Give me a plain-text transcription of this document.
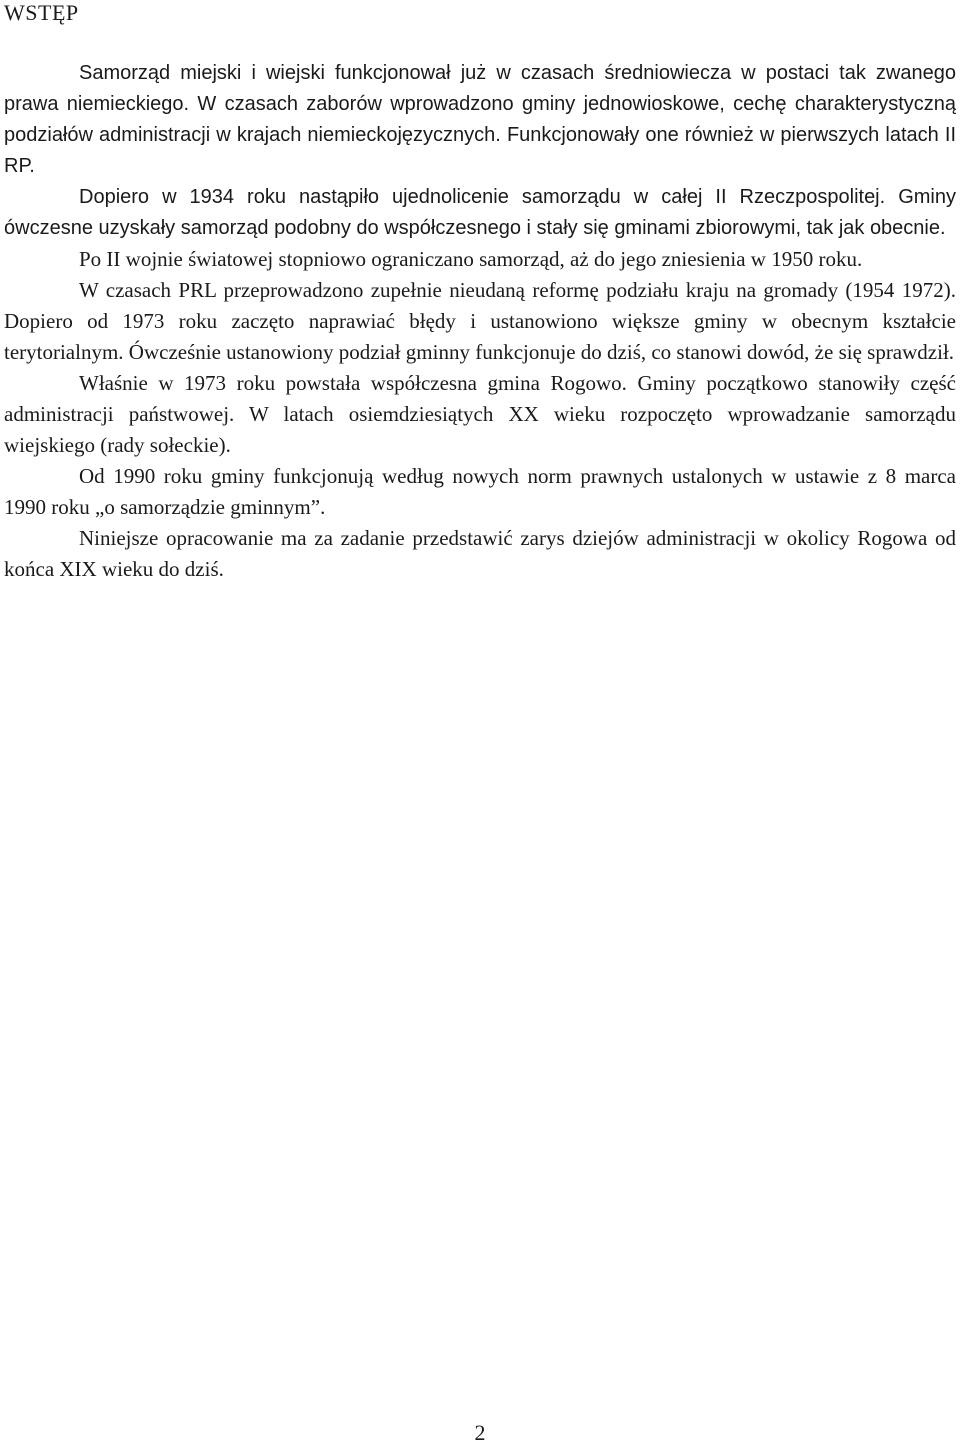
WSTĘP

Samorząd miejski i wiejski funkcjonował już w czasach średniowiecza w postaci tak zwanego prawa niemieckiego. W czasach zaborów wprowadzono gminy jednowioskowe, cechę charakterystyczną podziałów administracji w krajach niemieckojęzycznych. Funkcjonowały one również w pierwszych latach II RP.

Dopiero w 1934 roku nastąpiło ujednolicenie samorządu w całej II Rzeczpospolitej. Gminy ówczesne uzyskały samorząd podobny do współczesnego i stały się gminami zbiorowymi, tak jak obecnie.

Po II wojnie światowej stopniowo ograniczano samorząd, aż do jego zniesienia w 1950 roku.

W czasach PRL przeprowadzono zupełnie nieudaną reformę podziału kraju na gromady (1954 1972). Dopiero od 1973 roku zaczęto naprawiać błędy i ustanowiono większe gminy w obecnym kształcie terytorialnym. Ówcześnie ustanowiony podział gminny funkcjonuje do dziś, co stanowi dowód, że się sprawdził.

Właśnie w 1973 roku powstała współczesna gmina Rogowo. Gminy początkowo stanowiły część administracji państwowej. W latach osiemdziesiątych XX wieku rozpoczęto wprowadzanie samorządu wiejskiego (rady sołeckie).

Od 1990 roku gminy funkcjonują według nowych norm prawnych ustalonych w ustawie z 8 marca 1990 roku „o samorządzie gminnym”.

Niniejsze opracowanie ma za zadanie przedstawić zarys dziejów administracji w okolicy Rogowa od końca XIX wieku do dziś.

2
